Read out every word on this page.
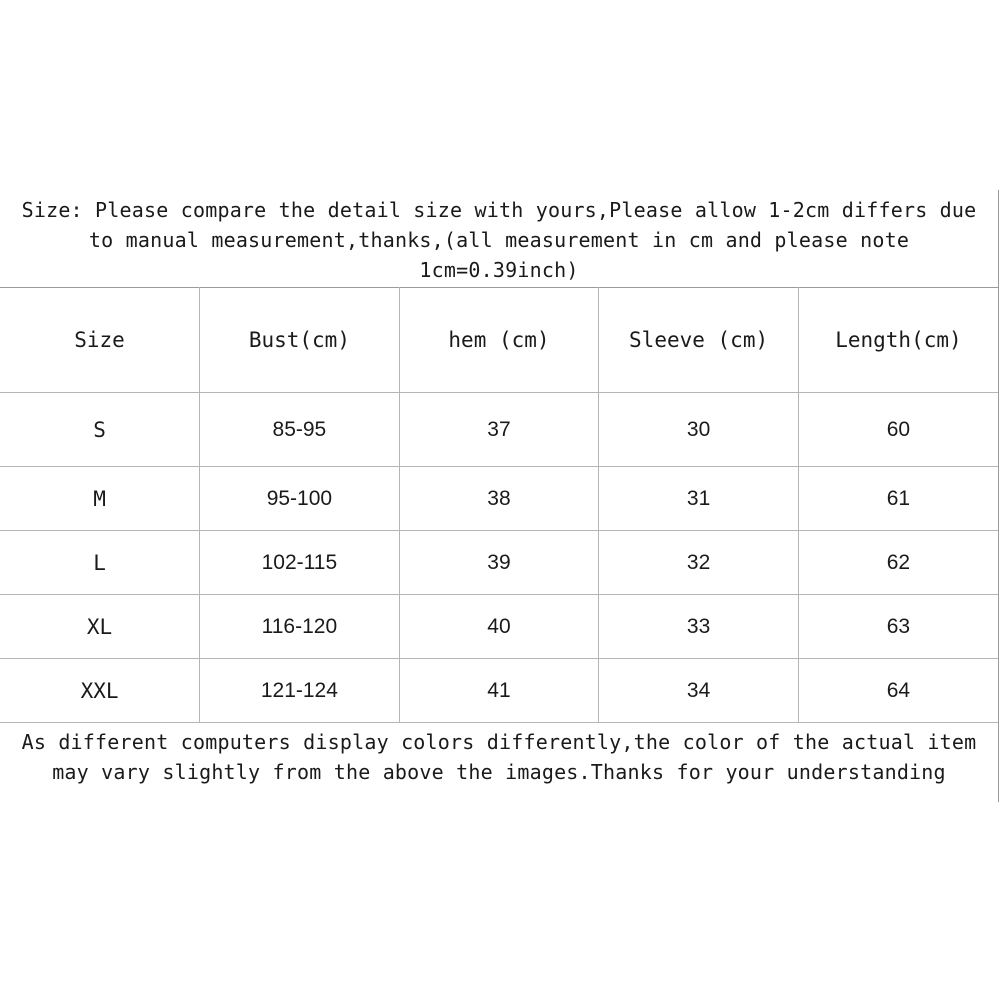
Size: Please compare the detail size with yours,Please allow 1-2cm differs due to manual measurement,thanks,(all measurement in cm and please note 1cm=0.39inch)
Size	Bust(cm)	hem (cm)	Sleeve (cm)	Length(cm)
S	85-95	37	30	60
M	95-100	38	31	61
L	102-115	39	32	62
XL	116-120	40	33	63
XXL	121-124	41	34	64
As different computers display colors differently,the color of the actual item may vary slightly from the above the images.Thanks for your understanding
